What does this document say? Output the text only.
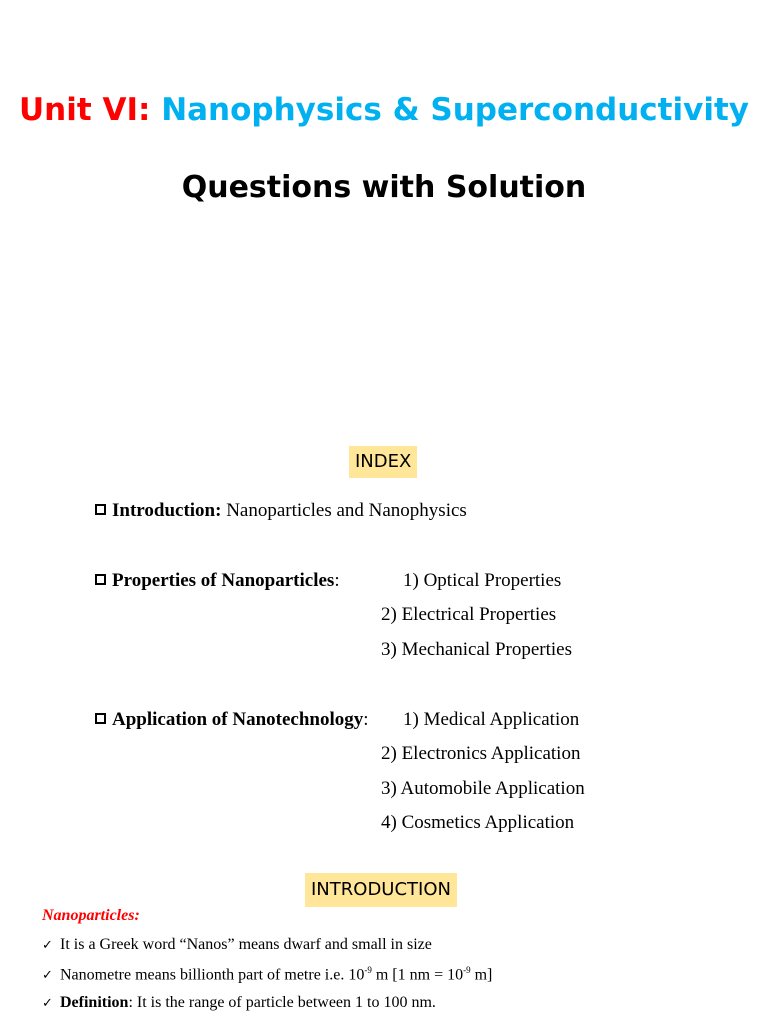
Unit VI: Nanophysics & Superconductivity
Questions with Solution
INDEX
Introduction: Nanoparticles and Nanophysics
Properties of Nanoparticles:	1) Optical Properties
2) Electrical Properties
3) Mechanical Properties
Application of Nanotechnology: 1) Medical Application
2) Electronics Application
3) Automobile Application
4) Cosmetics Application
INTRODUCTION
Nanoparticles:
✓ It is a Greek word “Nanos” means dwarf and small in size
✓ Nanometre means billionth part of metre i.e. $10^{-9}$ m [1 nm = $10^{-9}$ m]
✓ Definition: It is the range of particle between 1 to 100 nm.
